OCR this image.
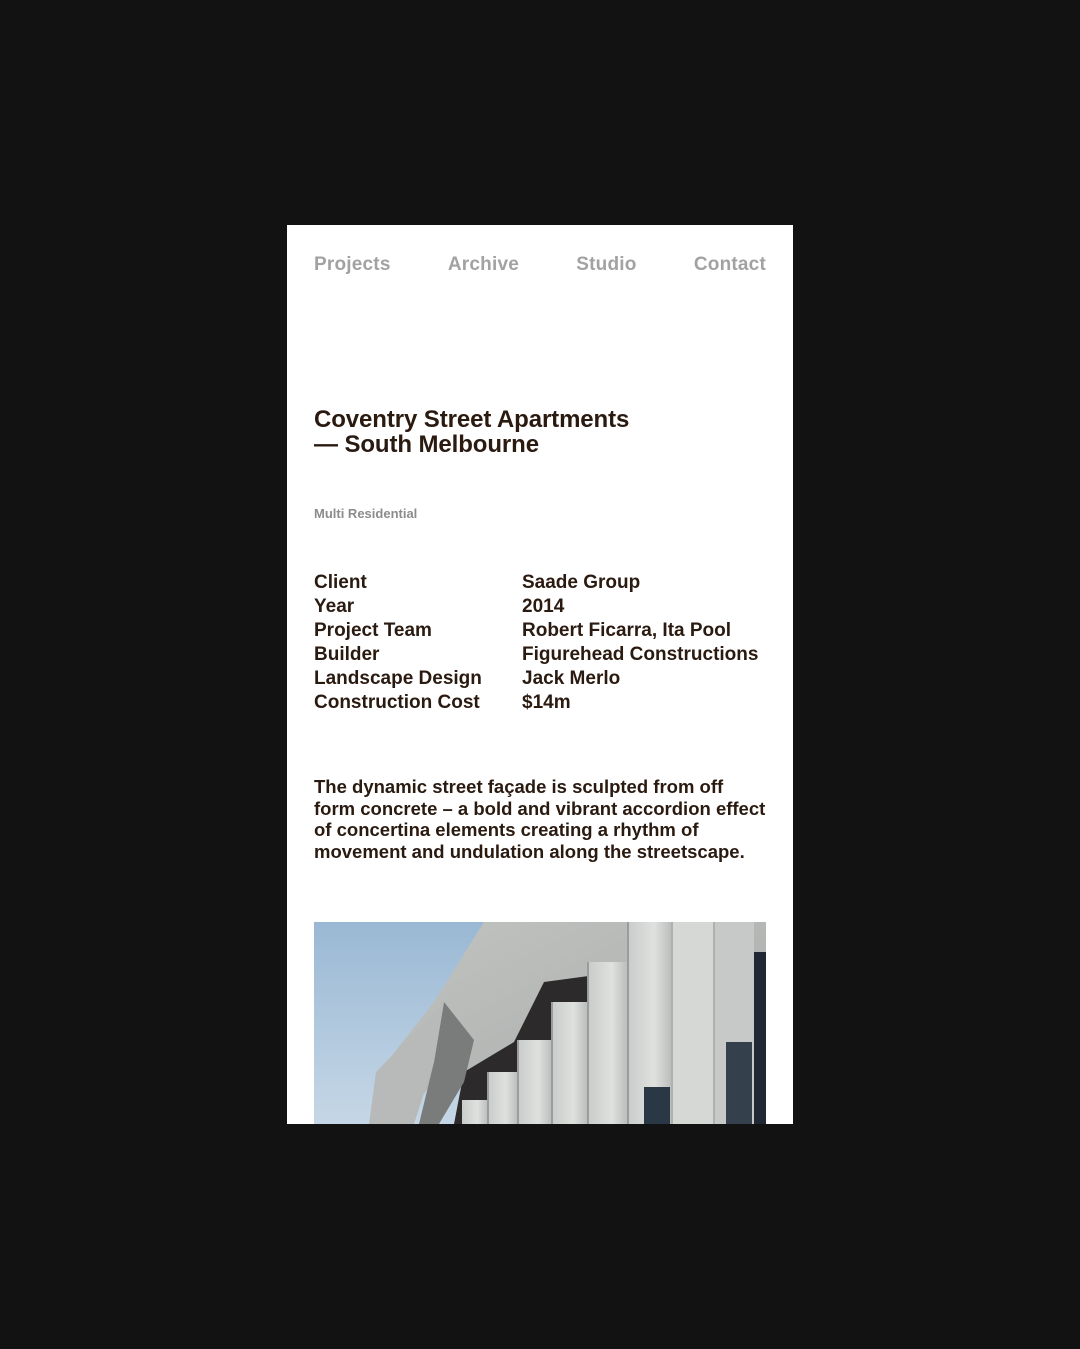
Projects	Archive	Studio	Contact
Coventry Street Apartments
— South Melbourne
Multi Residential
Client	Saade Group
Year	2014
Project Team	Robert Ficarra, Ita Pool
Builder	Figurehead Constructions
Landscape Design	Jack Merlo
Construction Cost	$14m

The dynamic street façade is sculpted from off form concrete – a bold and vibrant accordion effect of concertina elements creating a rhythm of movement and undulation along the streetscape.
